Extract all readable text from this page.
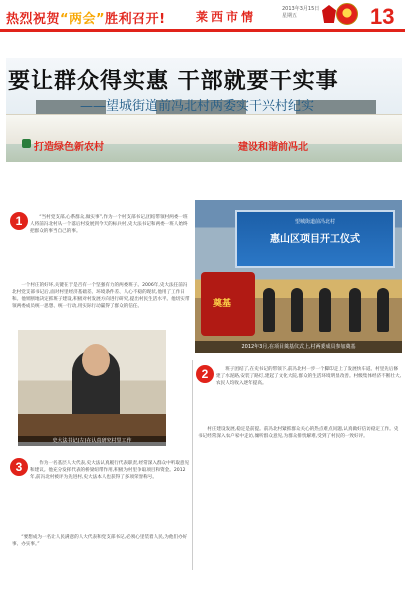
热烈祝贺“两会”胜利召开!	莱西市情
2013年3月15日
星期五	13
要让群众得实惠 干部就要干实事
——望城街道前冯北村两委实干兴村纪实
打造绿色新农村	建设和谐前冯北
1	“当村党支部,心系群众,做实事”,作为一个村支部书记,团结带领村两委一班人将前冯北村从一个落后村发展到今天的标兵村,史大法书记和两委一班人始终把群众的事当自己的事。
一个村庄的好坏,关键在于是否有一个坚强有力的两委班子。2006年,史大法任前冯北村党支部书记后,面对村里经济基础差、环境条件差、人心不稳的现状,他用了工作日和。他果断地决定抓班子建设,积极对村发展方向进行研究,提出村民生活水平。他切实带领两委成员统一思想、统一行动,用实际行动赢得了群众的信任。
望城街道前冯北村
惠山区项目开工仪式
奠基
2012年3月,在项目奠基仪式上,村两委成员参加奠基
2	班子团结了,在史书记的带领下,前冯北村一步一个脚印走上了发展快车道。村里先后修建了水泥路,安装了路灯,建起了文化大院,群众的生活环境明显改善。村级集体经济不断壮大,农民人均收入逐年提高。
村庄建设发展,稳定是前提。前冯北村紧抓群众关心的热点难点问题,认真做好信访稳定工作。史书记经常深入农户家中走访,倾听群众意见,为群众排忧解难,受到了村民的一致好评。
史大法书记(左)在认真研究村里工作
3	作为一名基层人大代表,史大法认真履行代表职责,经常深入群众中听取意见和建议。他充分发挥代表的桥梁纽带作用,积极为村里争取项目和资金。2012年,前冯北村被评为先进村,史大法本人也获得了多项荣誉称号。
“要想成为一名让人民满意的人大代表和党支部书记,必须心里装着人民,为他们办好事、办实事。”
